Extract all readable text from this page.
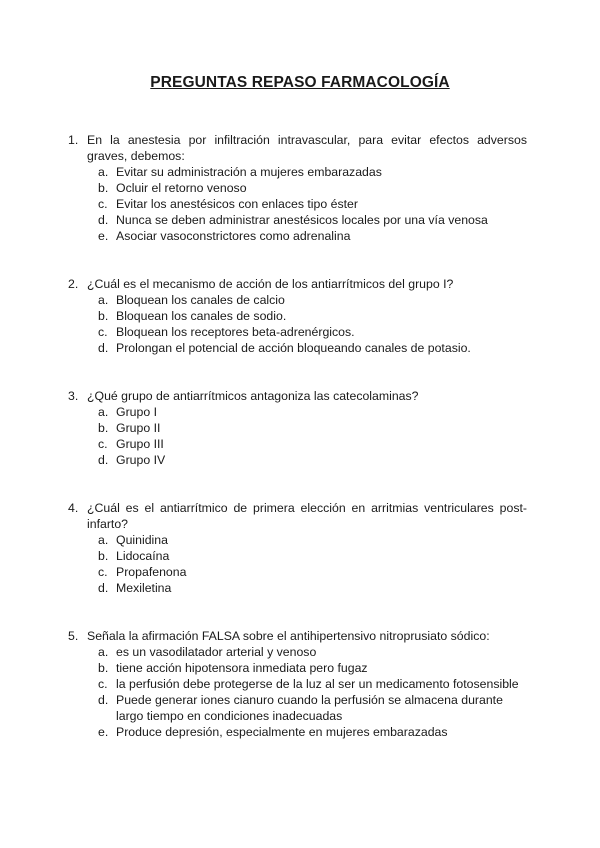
PREGUNTAS REPASO FARMACOLOGÍA
1. En la anestesia por infiltración intravascular, para evitar efectos adversos graves, debemos:
a. Evitar su administración a mujeres embarazadas
b. Ocluir el retorno venoso
c. Evitar los anestésicos con enlaces tipo éster
d. Nunca se deben administrar anestésicos locales por una vía venosa
e. Asociar vasoconstrictores como adrenalina
2. ¿Cuál es el mecanismo de acción de los antiarrítmicos del grupo I?
a. Bloquean los canales de calcio
b. Bloquean los canales de sodio.
c. Bloquean los receptores beta-adrenérgicos.
d. Prolongan el potencial de acción bloqueando canales de potasio.
3. ¿Qué grupo de antiarrítmicos antagoniza las catecolaminas?
a. Grupo I
b. Grupo II
c. Grupo III
d. Grupo IV
4. ¿Cuál es el antiarrítmico de primera elección en arritmias ventriculares post-infarto?
a. Quinidina
b. Lidocaína
c. Propafenona
d. Mexiletina
5. Señala la afirmación FALSA sobre el antihipertensivo nitroprusiato sódico:
a. es un vasodilatador arterial y venoso
b. tiene acción hipotensora inmediata pero fugaz
c. la perfusión debe protegerse de la luz al ser un medicamento fotosensible
d. Puede generar iones cianuro cuando la perfusión se almacena durante largo tiempo en condiciones inadecuadas
e. Produce depresión, especialmente en mujeres embarazadas
